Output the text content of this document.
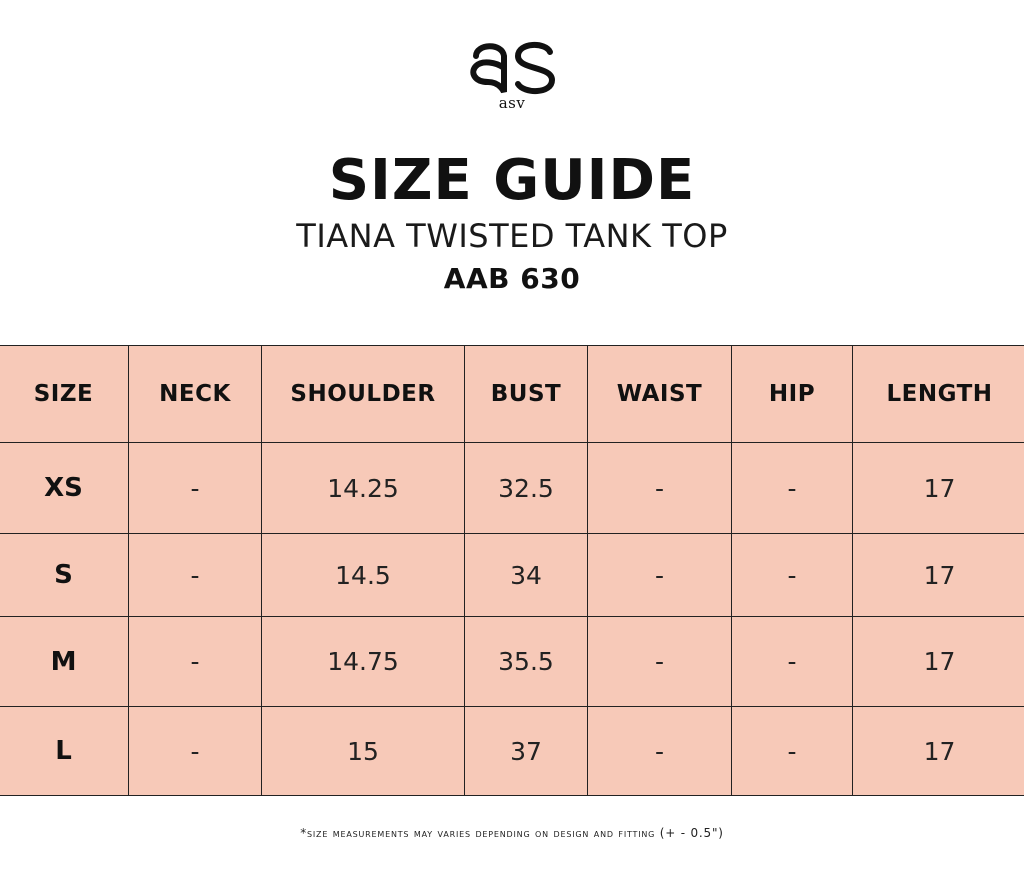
asv
SIZE GUIDE
TIANA TWISTED TANK TOP
AAB 630
SIZE	NECK	SHOULDER	BUST	WAIST	HIP	LENGTH
XS	-	14.25	32.5	-	-	17
S	-	14.5	34	-	-	17
M	-	14.75	35.5	-	-	17
L	-	15	37	-	-	17
*size measurements may varies depending on design and fitting (+ - 0.5")
